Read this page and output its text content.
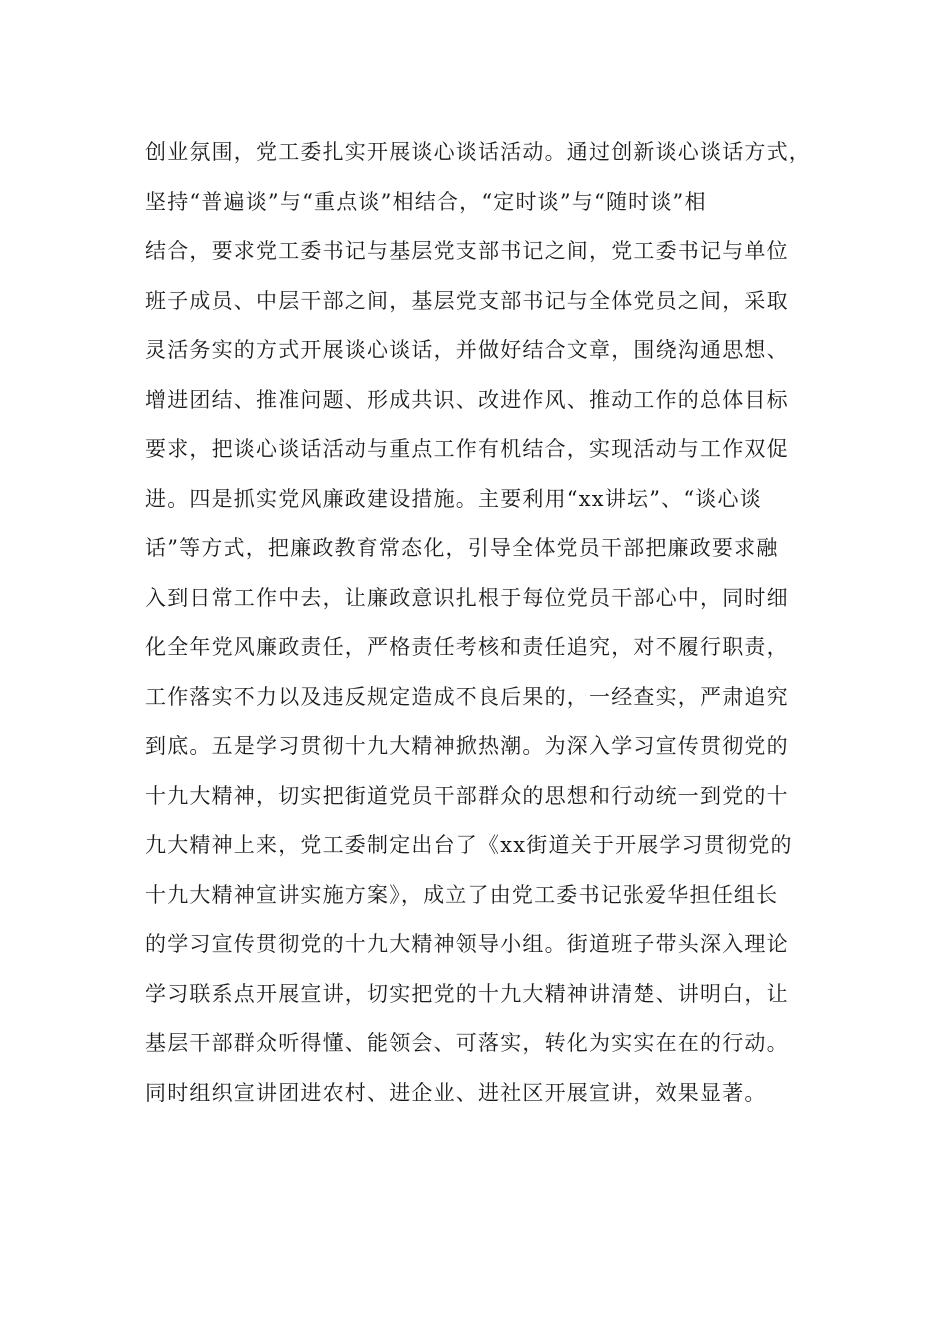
创业氛围，党工委扎实开展谈心谈话活动。通过创新谈心谈话方式，
坚持“普遍谈”与“重点谈”相结合，“定时谈”与“随时谈”相
结合，要求党工委书记与基层党支部书记之间，党工委书记与单位
班子成员、中层干部之间，基层党支部书记与全体党员之间，采取
灵活务实的方式开展谈心谈话，并做好结合文章，围绕沟通思想、
增进团结、推准问题、形成共识、改进作风、推动工作的总体目标
要求，把谈心谈话活动与重点工作有机结合，实现活动与工作双促
进。四是抓实党风廉政建设措施。主要利用“xx讲坛”、“谈心谈
话”等方式，把廉政教育常态化，引导全体党员干部把廉政要求融
入到日常工作中去，让廉政意识扎根于每位党员干部心中，同时细
化全年党风廉政责任，严格责任考核和责任追究，对不履行职责，
工作落实不力以及违反规定造成不良后果的，一经查实，严肃追究
到底。五是学习贯彻十九大精神掀热潮。为深入学习宣传贯彻党的
十九大精神，切实把街道党员干部群众的思想和行动统一到党的十
九大精神上来，党工委制定出台了《xx街道关于开展学习贯彻党的
十九大精神宣讲实施方案》，成立了由党工委书记张爱华担任组长
的学习宣传贯彻党的十九大精神领导小组。街道班子带头深入理论
学习联系点开展宣讲，切实把党的十九大精神讲清楚、讲明白，让
基层干部群众听得懂、能领会、可落实，转化为实实在在的行动。
同时组织宣讲团进农村、进企业、进社区开展宣讲，效果显著。
